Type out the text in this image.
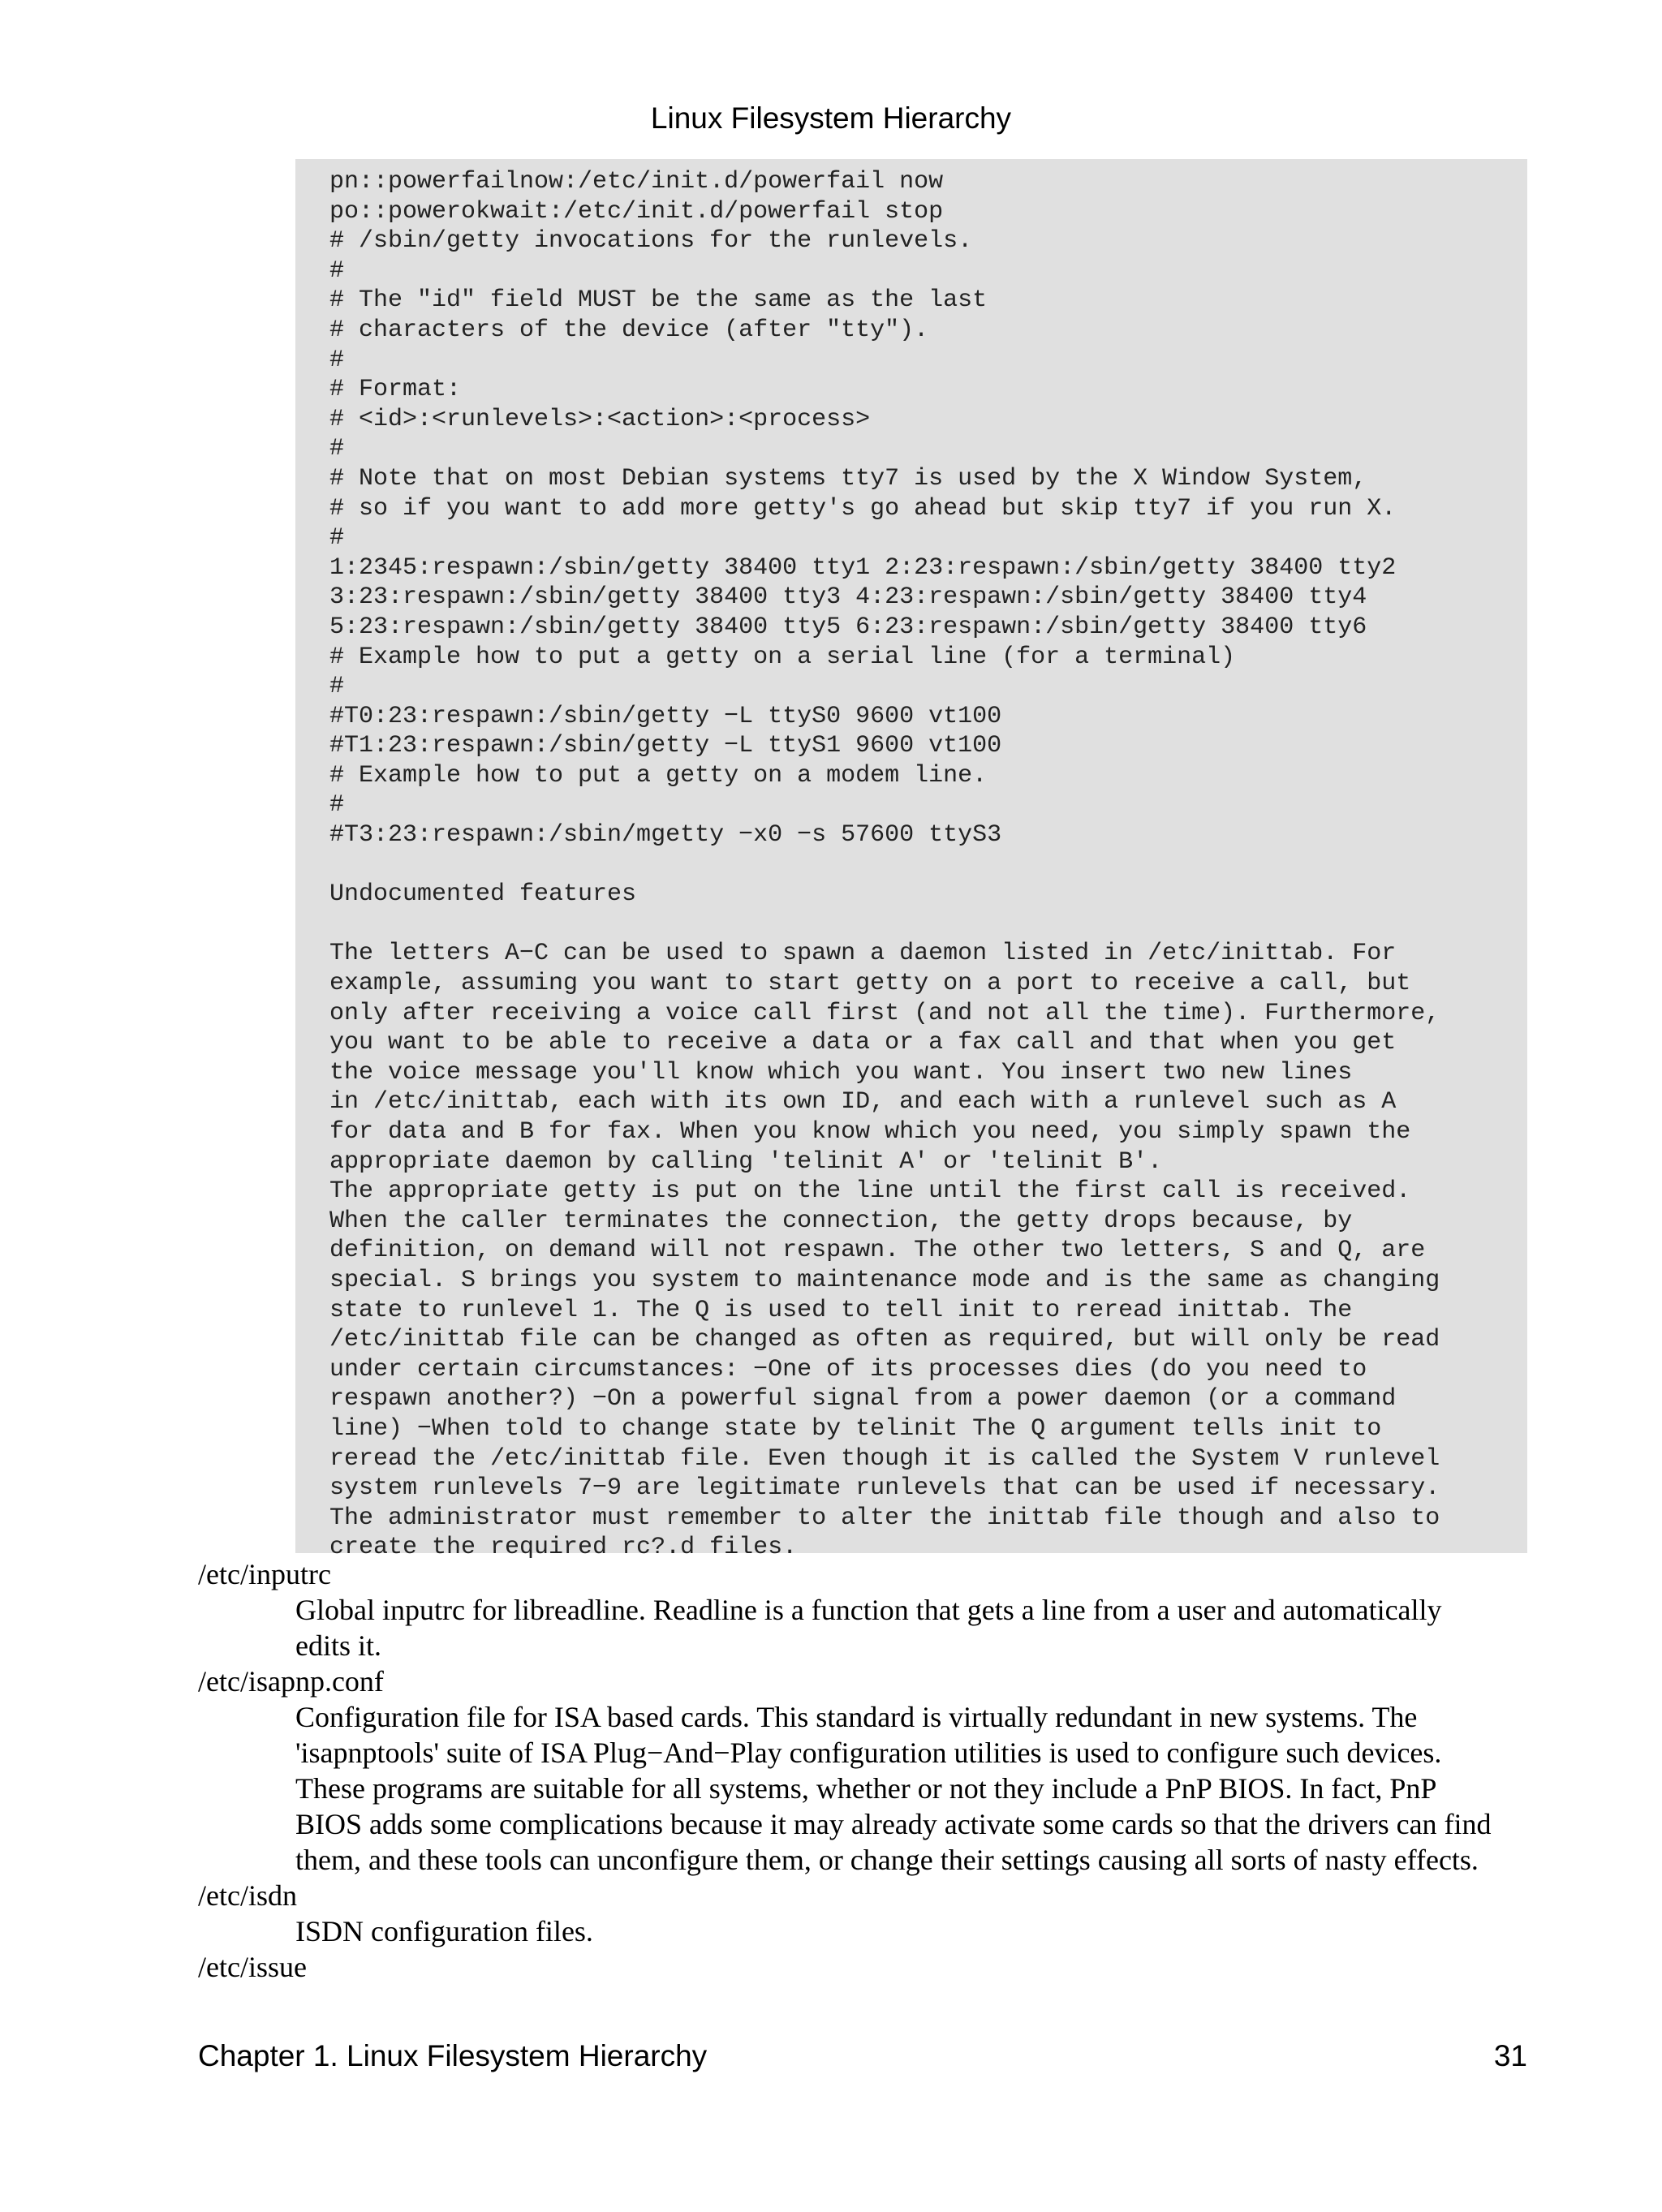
Linux Filesystem Hierarchy
pn::powerfailnow:/etc/init.d/powerfail now
po::powerokwait:/etc/init.d/powerfail stop
# /sbin/getty invocations for the runlevels.
#
# The "id" field MUST be the same as the last
# characters of the device (after "tty").
#
# Format:
# <id>:<runlevels>:<action>:<process>
#
# Note that on most Debian systems tty7 is used by the X Window System,
# so if you want to add more getty's go ahead but skip tty7 if you run X.
#
1:2345:respawn:/sbin/getty 38400 tty1 2:23:respawn:/sbin/getty 38400 tty2
3:23:respawn:/sbin/getty 38400 tty3 4:23:respawn:/sbin/getty 38400 tty4
5:23:respawn:/sbin/getty 38400 tty5 6:23:respawn:/sbin/getty 38400 tty6
# Example how to put a getty on a serial line (for a terminal)
#
#T0:23:respawn:/sbin/getty −L ttyS0 9600 vt100
#T1:23:respawn:/sbin/getty −L ttyS1 9600 vt100
# Example how to put a getty on a modem line.
#
#T3:23:respawn:/sbin/mgetty −x0 −s 57600 ttyS3

Undocumented features

The letters A−C can be used to spawn a daemon listed in /etc/inittab. For
example, assuming you want to start getty on a port to receive a call, but
only after receiving a voice call first (and not all the time). Furthermore,
you want to be able to receive a data or a fax call and that when you get
the voice message you'll know which you want. You insert two new lines
in /etc/inittab, each with its own ID, and each with a runlevel such as A
for data and B for fax. When you know which you need, you simply spawn the
appropriate daemon by calling 'telinit A' or 'telinit B'.
The appropriate getty is put on the line until the first call is received.
When the caller terminates the connection, the getty drops because, by
definition, on demand will not respawn. The other two letters, S and Q, are
special. S brings you system to maintenance mode and is the same as changing
state to runlevel 1. The Q is used to tell init to reread inittab. The
/etc/inittab file can be changed as often as required, but will only be read
under certain circumstances: −One of its processes dies (do you need to
respawn another?) −On a powerful signal from a power daemon (or a command
line) −When told to change state by telinit The Q argument tells init to
reread the /etc/inittab file. Even though it is called the System V runlevel
system runlevels 7−9 are legitimate runlevels that can be used if necessary.
The administrator must remember to alter the inittab file though and also to
create the required rc?.d files.
/etc/inputrc
Global inputrc for libreadline. Readline is a function that gets a line from a user and automatically
edits it.
/etc/isapnp.conf
Configuration file for ISA based cards. This standard is virtually redundant in new systems. The
'isapnptools' suite of ISA Plug−And−Play configuration utilities is used to configure such devices.
These programs are suitable for all systems, whether or not they include a PnP BIOS. In fact, PnP
BIOS adds some complications because it may already activate some cards so that the drivers can find
them, and these tools can unconfigure them, or change their settings causing all sorts of nasty effects.
/etc/isdn
ISDN configuration files.
/etc/issue
Chapter 1. Linux Filesystem Hierarchy	31
